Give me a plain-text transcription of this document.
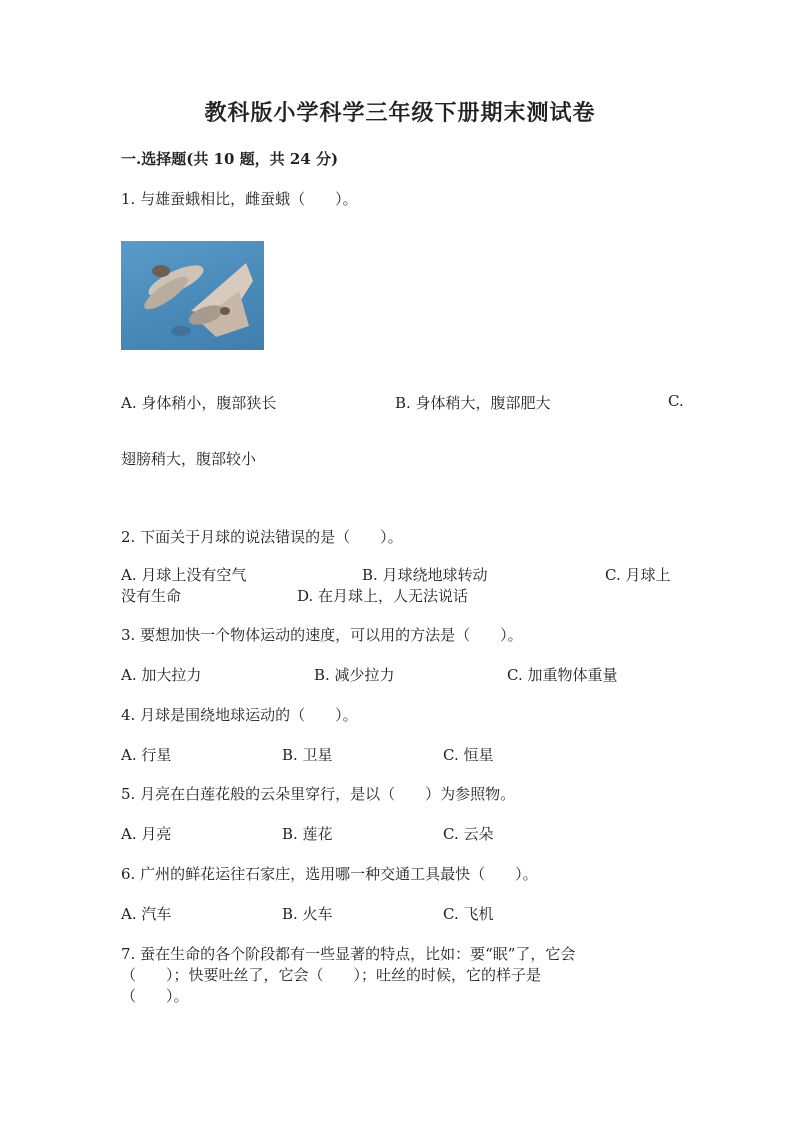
教科版小学科学三年级下册期末测试卷
一.选择题(共 10 题，共 24 分)
1. 与雄蚕蛾相比，雌蚕蛾（　　）。
A. 身体稍小，腹部狭长	B. 身体稍大，腹部肥大	C.
翅膀稍大，腹部较小
2. 下面关于月球的说法错误的是（　　）。
A. 月球上没有空气	B. 月球绕地球转动	C. 月球上
没有生命	D. 在月球上，人无法说话
3. 要想加快一个物体运动的速度，可以用的方法是（　　）。
A. 加大拉力	B. 减少拉力	C. 加重物体重量
4. 月球是围绕地球运动的（　　）。
A. 行星	B. 卫星	C. 恒星
5. 月亮在白莲花般的云朵里穿行，是以（　　）为参照物。
A. 月亮	B. 莲花	C. 云朵
6. 广州的鲜花运往石家庄，选用哪一种交通工具最快（　　）。
A. 汽车	B. 火车	C. 飞机
7. 蚕在生命的各个阶段都有一些显著的特点，比如：要“眠”了，它会
（　　）；快要吐丝了，它会（　　）；吐丝的时候，它的样子是
（　　）。
